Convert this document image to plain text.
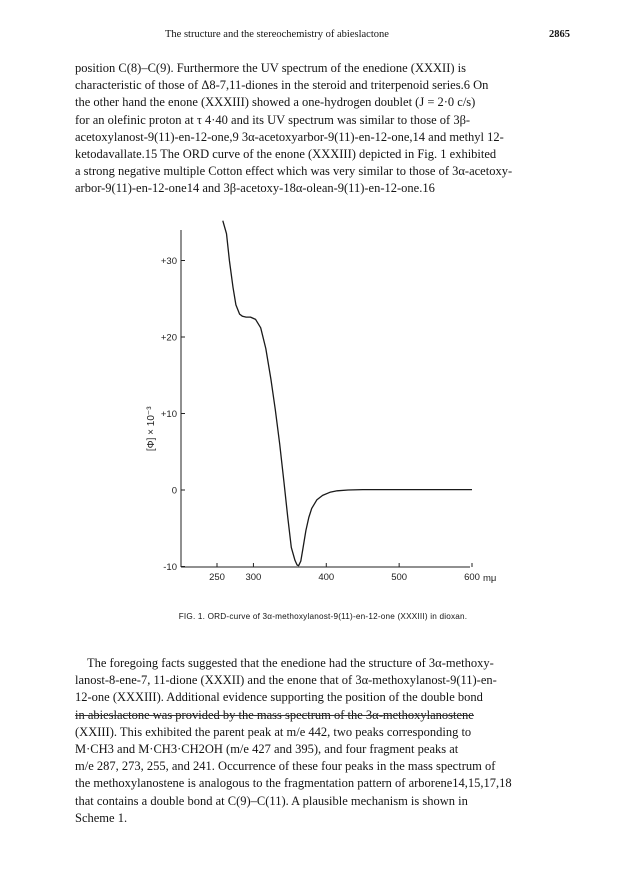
The structure and the stereochemistry of abieslactone	2865

position C(8)–C(9). Furthermore the UV spectrum of the enedione (XXXII) is

characteristic of those of Δ8-7,11-diones in the steroid and triterpenoid series.6 On

the other hand the enone (XXXIII) showed a one-hydrogen doublet (J = 2·0 c/s)

for an olefinic proton at τ 4·40 and its UV spectrum was similar to those of 3β-

acetoxylanost-9(11)-en-12-one,9 3α-acetoxyarbor-9(11)-en-12-one,14 and methyl 12-

ketodavallate.15 The ORD curve of the enone (XXXIII) depicted in Fig. 1 exhibited

a strong negative multiple Cotton effect which was very similar to those of 3α-acetoxy-

arbor-9(11)-en-12-one14 and 3β-acetoxy-18α-olean-9(11)-en-12-one.16

+30
+20
+10
0
-10
250 300	400	500	600 mμ
[Φ] × 10⁻³
FIG. 1. ORD-curve of 3α-methoxylanost-9(11)-en-12-one (XXXIII) in dioxan.

The foregoing facts suggested that the enedione had the structure of 3α-methoxy-

lanost-8-ene-7, 11-dione (XXXII) and the enone that of 3α-methoxylanost-9(11)-en-

12-one (XXXIII). Additional evidence supporting the position of the double bond

in abieslactone was provided by the mass spectrum of the 3α-methoxylanostene

(XXIII). This exhibited the parent peak at m/e 442, two peaks corresponding to

M·CH3 and M·CH3·CH2OH (m/e 427 and 395), and four fragment peaks at

m/e 287, 273, 255, and 241. Occurrence of these four peaks in the mass spectrum of

the methoxylanostene is analogous to the fragmentation pattern of arborene14,15,17,18

that contains a double bond at C(9)–C(11). A plausible mechanism is shown in

Scheme 1.
